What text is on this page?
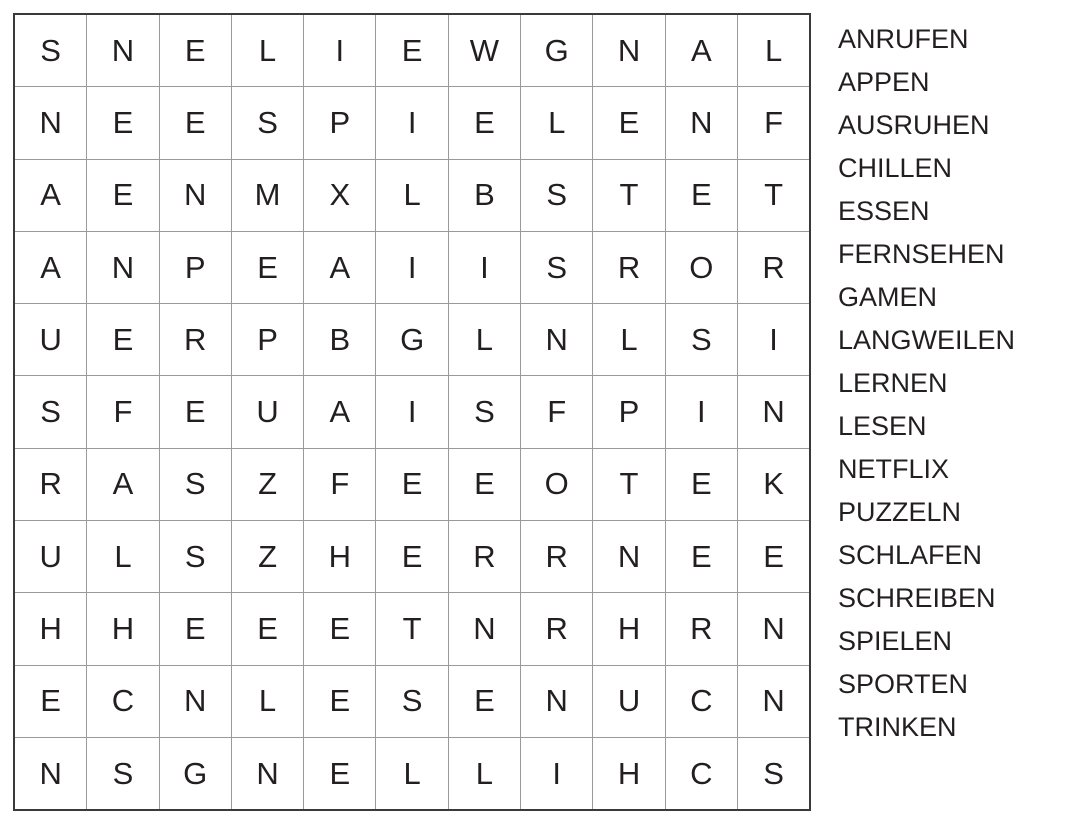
S	N	E	L	I	E	W	G	N	A	L
N	E	E	S	P	I	E	L	E	N	F
A	E	N	M	X	L	B	S	T	E	T
A	N	P	E	A	I	I	S	R	O	R
U	E	R	P	B	G	L	N	L	S	I
S	F	E	U	A	I	S	F	P	I	N
R	A	S	Z	F	E	E	O	T	E	K
U	L	S	Z	H	E	R	R	N	E	E
H	H	E	E	E	T	N	R	H	R	N
E	C	N	L	E	S	E	N	U	C	N
N	S	G	N	E	L	L	I	H	C	S
ANRUFEN
APPEN
AUSRUHEN
CHILLEN
ESSEN
FERNSEHEN
GAMEN
LANGWEILEN
LERNEN
LESEN
NETFLIX
PUZZELN
SCHLAFEN
SCHREIBEN
SPIELEN
SPORTEN
TRINKEN
